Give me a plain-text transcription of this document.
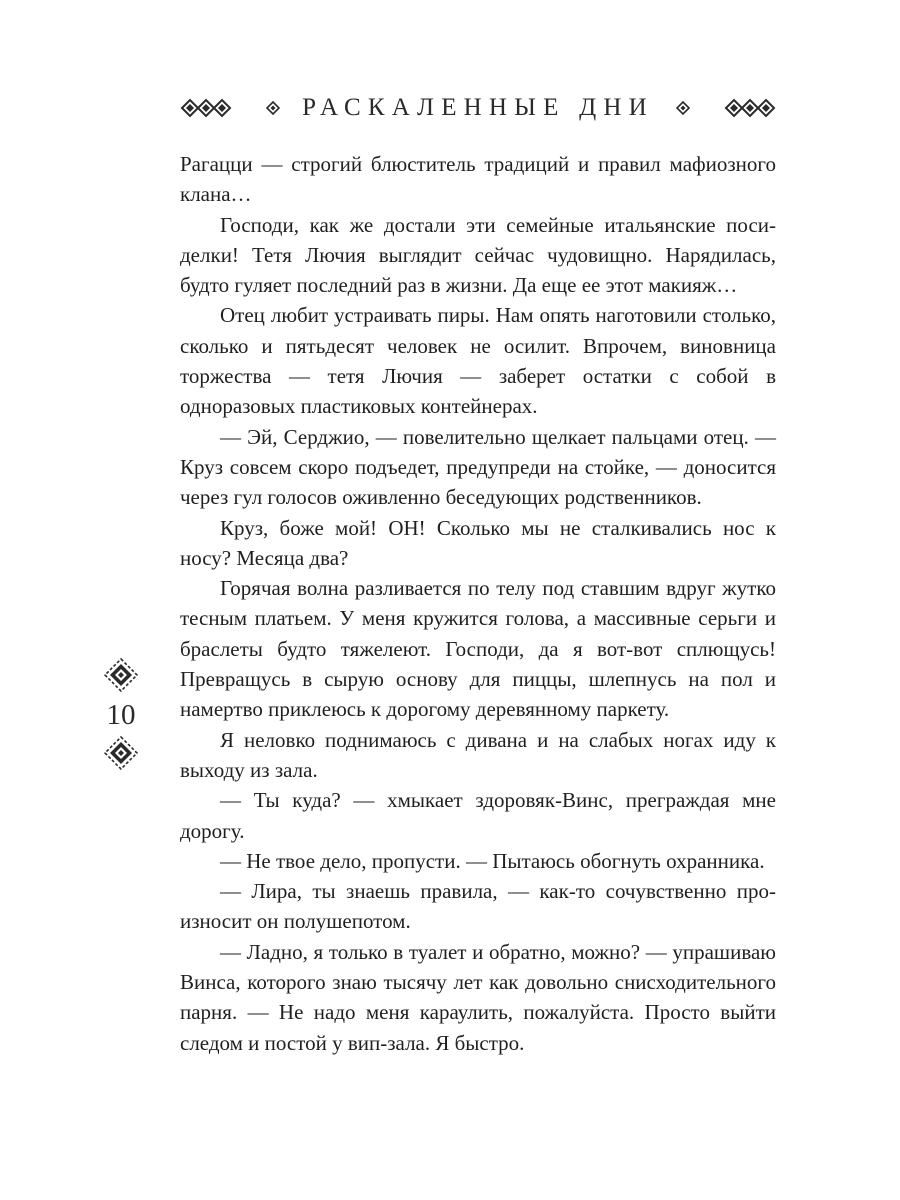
РАСКАЛЕННЫЕ ДНИ

Рагацци — строгий блюститель традиций и правил мафиозного клана…

Господи, как же достали эти семейные итальянские посиделки! Тетя Лючия выглядит сейчас чудовищно. Нарядилась, будто гуляет последний раз в жизни. Да еще ее этот макияж…

Отец любит устраивать пиры. Нам опять наготовили столько, сколько и пятьдесят человек не осилит. Впрочем, виновница торжества — тетя Лючия — заберет остатки с собой в одноразовых пластиковых контейнерах.

— Эй, Серджио, — повелительно щелкает пальцами отец. — Круз совсем скоро подъедет, предупреди на стойке, — доносится через гул голосов оживленно беседующих родственников.

Круз, боже мой! ОН! Сколько мы не сталкивались нос к носу? Месяца два?

Горячая волна разливается по телу под ставшим вдруг жутко тесным платьем. У меня кружится голова, а массивные серьги и браслеты будто тяжелеют. Господи, да я вот-вот сплющусь! Превращусь в сырую основу для пиццы, шлепнусь на пол и намертво приклеюсь к дорогому деревянному паркету.

Я неловко поднимаюсь с дивана и на слабых ногах иду к выходу из зала.

— Ты куда? — хмыкает здоровяк-Винс, преграждая мне дорогу.

— Не твое дело, пропусти. — Пытаюсь обогнуть охранника.

— Лира, ты знаешь правила, — как-то сочувственно произносит он полушепотом.

— Ладно, я только в туалет и обратно, можно? — упрашиваю Винса, которого знаю тысячу лет как довольно снисходительного парня. — Не надо меня караулить, пожалуйста. Просто выйти следом и постой у вип-зала. Я быстро.

10
